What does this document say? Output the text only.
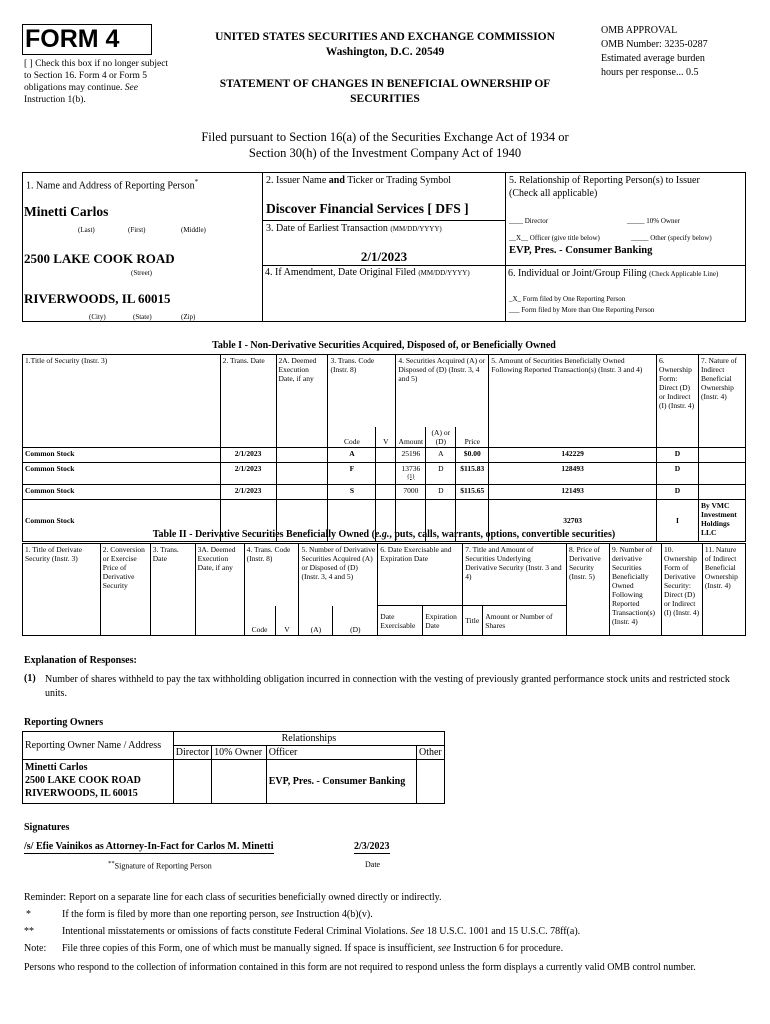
FORM 4
[ ] Check this box if no longer subject to Section 16. Form 4 or Form 5 obligations may continue. See Instruction 1(b).
UNITED STATES SECURITIES AND EXCHANGE COMMISSION
Washington, D.C. 20549
STATEMENT OF CHANGES IN BENEFICIAL OWNERSHIP OF SECURITIES
OMB APPROVAL
OMB Number: 3235-0287
Estimated average burden
hours per response... 0.5
Filed pursuant to Section 16(a) of the Securities Exchange Act of 1934 or
Section 30(h) of the Investment Company Act of 1940
1. Name and Address of Reporting Person*
Minetti Carlos
(Last)	(First)	(Middle)
2500 LAKE COOK ROAD
(Street)
RIVERWOODS, IL 60015
(City)	(State)	(Zip)
2. Issuer Name and Ticker or Trading Symbol
Discover Financial Services [ DFS ]
3. Date of Earliest Transaction (MM/DD/YYYY)
2/1/2023
4. If Amendment, Date Original Filed (MM/DD/YYYY)
5. Relationship of Reporting Person(s) to Issuer
(Check all applicable)
____ Director	_____ 10% Owner
__X__ Officer (give title below)	_____ Other (specify below)
EVP, Pres. - Consumer Banking
6. Individual or Joint/Group Filing (Check Applicable Line)
_X_ Form filed by One Reporting Person
___ Form filed by More than One Reporting Person
Table I - Non-Derivative Securities Acquired, Disposed of, or Beneficially Owned
1.Title of Security (Instr. 3)	2. Trans. Date	2A. Deemed Execution Date, if any	3. Trans. Code (Instr. 8)		4. Securities Acquired (A) or Disposed of (D) (Instr. 3, 4 and 5)			5. Amount of Securities Beneficially Owned Following Reported Transaction(s) (Instr. 3 and 4)	6. Ownership Form: Direct (D) or Indirect (I) (Instr. 4)	7. Nature of Indirect Beneficial Ownership (Instr. 4)
			Code	V	Amount	(A) or (D)	Price			
Common Stock	2/1/2023		A		25196	A	$0.00	142229	D	
Common Stock	2/1/2023		F		13736 $^{(1)}$	D	$115.83	128493	D	
Common Stock	2/1/2023		S		7000	D	$115.65	121493	D	
Common Stock								32703	I	By VMC Investment Holdings LLC
Table II - Derivative Securities Beneficially Owned (e.g., puts, calls, warrants, options, convertible securities)
1. Title of Derivate Security (Instr. 3)	2. Conversion or Exercise Price of Derivative Security	3. Trans. Date	3A. Deemed Execution Date, if any	4. Trans. Code (Instr. 8)		5. Number of Derivative Securities Acquired (A) or Disposed of (D) (Instr. 3, 4 and 5)		6. Date Exercisable and Expiration Date		7. Title and Amount of Securities Underlying Derivative Security (Instr. 3 and 4)		8. Price of Derivative Security (Instr. 5)	9. Number of derivative Securities Beneficially Owned Following Reported Transaction(s) (Instr. 4)	10. Ownership Form of Derivative Security: Direct (D) or Indirect (I) (Instr. 4)	11. Nature of Indirect Beneficial Ownership (Instr. 4)
				Code	V	(A)	(D)	Date Exercisable	Expiration Date	Title	Amount or Number of Shares				
Explanation of Responses:
(1) Number of shares withheld to pay the tax withholding obligation incurred in connection with the vesting of previously granted performance stock units and restricted stock units.
Reporting Owners
Reporting Owner Name / Address	Relationships			
	Director	10% Owner	Officer	Other

Minetti Carlos
2500 LAKE COOK ROAD
RIVERWOODS, IL 60015			EVP, Pres. - Consumer Banking	
Signatures
/s/ Efie Vainikos as Attorney-In-Fact for Carlos M. Minetti	2/3/2023
**Signature of Reporting Person	Date
Reminder: Report on a separate line for each class of securities beneficially owned directly or indirectly.
*	If the form is filed by more than one reporting person, see Instruction 4(b)(v).
**	Intentional misstatements or omissions of facts constitute Federal Criminal Violations. See 18 U.S.C. 1001 and 15 U.S.C. 78ff(a).
Note: File three copies of this Form, one of which must be manually signed. If space is insufficient, see Instruction 6 for procedure.
Persons who respond to the collection of information contained in this form are not required to respond unless the form displays a currently valid OMB control number.
